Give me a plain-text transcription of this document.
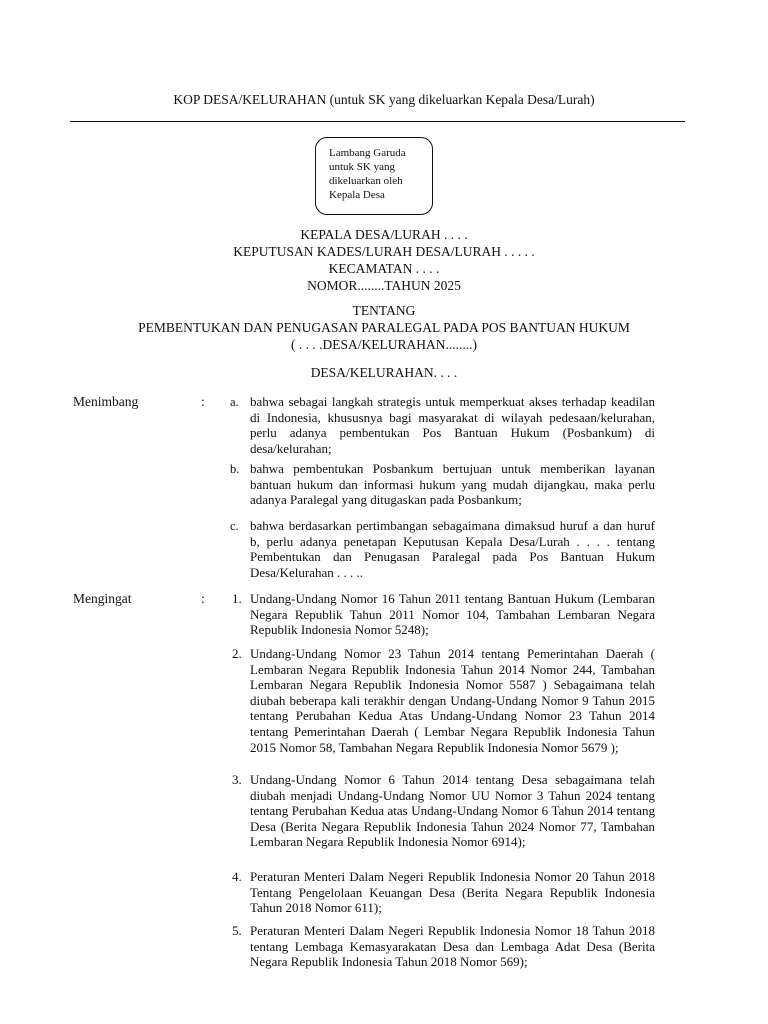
KOP DESA/KELURAHAN (untuk SK yang dikeluarkan Kepala Desa/Lurah)
Lambang Garuda
untuk SK yang
dikeluarkan oleh
Kepala Desa
KEPALA DESA/LURAH . . . .
KEPUTUSAN KADES/LURAH DESA/LURAH . . . . .
KECAMATAN . . . .
NOMOR........TAHUN 2025
TENTANG
PEMBENTUKAN DAN PENUGASAN PARALEGAL PADA POS BANTUAN HUKUM
( . . . .DESA/KELURAHAN........)
DESA/KELURAHAN. . . .
Menimbang	: a. bahwa sebagai langkah strategis untuk memperkuat akses terhadap keadilan di Indonesia, khususnya bagi masyarakat di wilayah pedesaan/kelurahan, perlu adanya pembentukan Pos Bantuan Hukum (Posbankum) di desa/kelurahan;
b. bahwa pembentukan Posbankum bertujuan untuk memberikan layanan bantuan hukum dan informasi hukum yang mudah dijangkau, maka perlu adanya Paralegal yang ditugaskan pada Posbankum;
c. bahwa berdasarkan pertimbangan sebagaimana dimaksud huruf a dan huruf b, perlu adanya penetapan Keputusan Kepala Desa/Lurah . . . . tentang Pembentukan dan Penugasan Paralegal pada Pos Bantuan Hukum Desa/Kelurahan . . . ..
Mengingat	: 1. Undang-Undang Nomor 16 Tahun 2011 tentang Bantuan Hukum (Lembaran Negara Republik Tahun 2011 Nomor 104, Tambahan Lembaran Negara Republik Indonesia Nomor 5248);
2. Undang-Undang Nomor 23 Tahun 2014 tentang Pemerintahan Daerah ( Lembaran Negara Republik Indonesia Tahun 2014 Nomor 244, Tambahan Lembaran Negara Republik Indonesia Nomor 5587 ) Sebagaimana telah diubah beberapa kali terakhir dengan Undang-Undang Nomor 9 Tahun 2015 tentang Perubahan Kedua Atas Undang-Undang Nomor 23 Tahun 2014 tentang Pemerintahan Daerah ( Lembar Negara Republik Indonesia Tahun 2015 Nomor 58, Tambahan Negara Republik Indonesia Nomor 5679 );
3. Undang-Undang Nomor 6 Tahun 2014 tentang Desa sebagaimana telah diubah menjadi Undang-Undang Nomor UU Nomor 3 Tahun 2024 tentang tentang Perubahan Kedua atas Undang-Undang Nomor 6 Tahun 2014 tentang Desa (Berita Negara Republik Indonesia Tahun 2024 Nomor 77, Tambahan Lembaran Negara Republik Indonesia Nomor 6914);
4. Peraturan Menteri Dalam Negeri Republik Indonesia Nomor 20 Tahun 2018 Tentang Pengelolaan Keuangan Desa (Berita Negara Republik Indonesia Tahun 2018 Nomor 611);
5. Peraturan Menteri Dalam Negeri Republik Indonesia Nomor 18 Tahun 2018 tentang Lembaga Kemasyarakatan Desa dan Lembaga Adat Desa (Berita Negara Republik Indonesia Tahun 2018 Nomor 569);
